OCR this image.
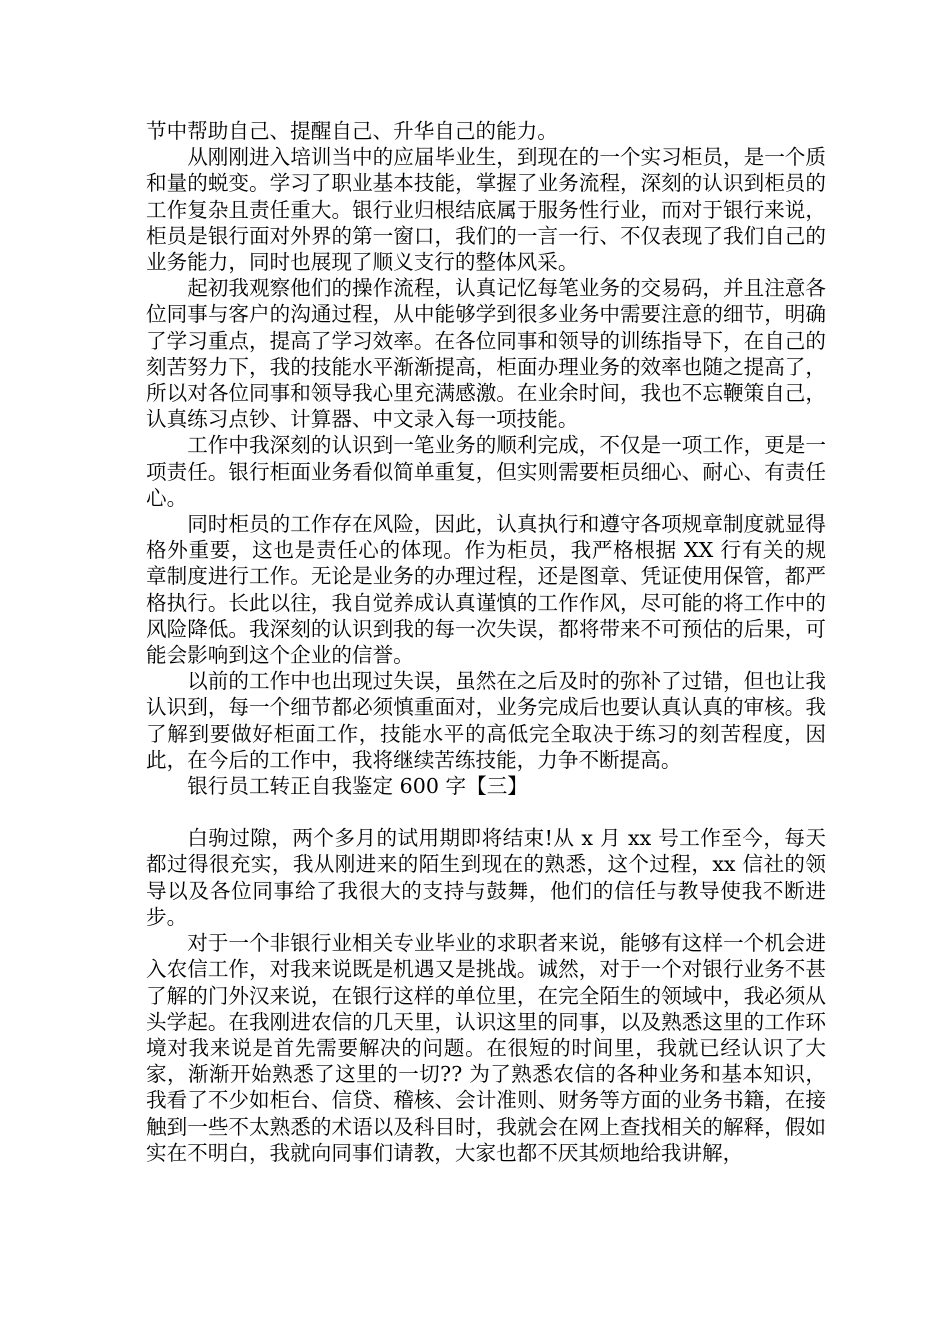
节中帮助自己、提醒自己、升华自己的能力。

从刚刚进入培训当中的应届毕业生，到现在的一个实习柜员，是一个质和量的蜕变。学习了职业基本技能，掌握了业务流程，深刻的认识到柜员的工作复杂且责任重大。银行业归根结底属于服务性行业，而对于银行来说，柜员是银行面对外界的第一窗口，我们的一言一行、不仅表现了我们自己的业务能力，同时也展现了顺义支行的整体风采。

起初我观察他们的操作流程，认真记忆每笔业务的交易码，并且注意各位同事与客户的沟通过程，从中能够学到很多业务中需要注意的细节，明确了学习重点，提高了学习效率。在各位同事和领导的训练指导下，在自己的刻苦努力下，我的技能水平渐渐提高，柜面办理业务的效率也随之提高了，所以对各位同事和领导我心里充满感激。在业余时间，我也不忘鞭策自己，认真练习点钞、计算器、中文录入每一项技能。

工作中我深刻的认识到一笔业务的顺利完成，不仅是一项工作，更是一项责任。银行柜面业务看似简单重复，但实则需要柜员细心、耐心、有责任心。

同时柜员的工作存在风险，因此，认真执行和遵守各项规章制度就显得格外重要，这也是责任心的体现。作为柜员，我严格根据 XX 行有关的规章制度进行工作。无论是业务的办理过程，还是图章、凭证使用保管，都严格执行。长此以往，我自觉养成认真谨慎的工作作风，尽可能的将工作中的风险降低。我深刻的认识到我的每一次失误，都将带来不可预估的后果，可能会影响到这个企业的信誉。

以前的工作中也出现过失误，虽然在之后及时的弥补了过错，但也让我认识到，每一个细节都必须慎重面对，业务完成后也要认真认真的审核。我了解到要做好柜面工作，技能水平的高低完全取决于练习的刻苦程度，因此，在今后的工作中，我将继续苦练技能，力争不断提高。

银行员工转正自我鉴定 600 字【三】

白驹过隙，两个多月的试用期即将结束!从 x 月 xx 号工作至今，每天都过得很充实，我从刚进来的陌生到现在的熟悉，这个过程，xx 信社的领导以及各位同事给了我很大的支持与鼓舞，他们的信任与教导使我不断进步。

对于一个非银行业相关专业毕业的求职者来说，能够有这样一个机会进入农信工作，对我来说既是机遇又是挑战。诚然，对于一个对银行业务不甚了解的门外汉来说，在银行这样的单位里，在完全陌生的领域中，我必须从头学起。在我刚进农信的几天里，认识这里的同事，以及熟悉这里的工作环境对我来说是首先需要解决的问题。在很短的时间里，我就已经认识了大家，渐渐开始熟悉了这里的一切?? 为了熟悉农信的各种业务和基本知识，我看了不少如柜台、信贷、稽核、会计准则、财务等方面的业务书籍，在接触到一些不太熟悉的术语以及科目时，我就会在网上查找相关的解释，假如实在不明白，我就向同事们请教，大家也都不厌其烦地给我讲解，
